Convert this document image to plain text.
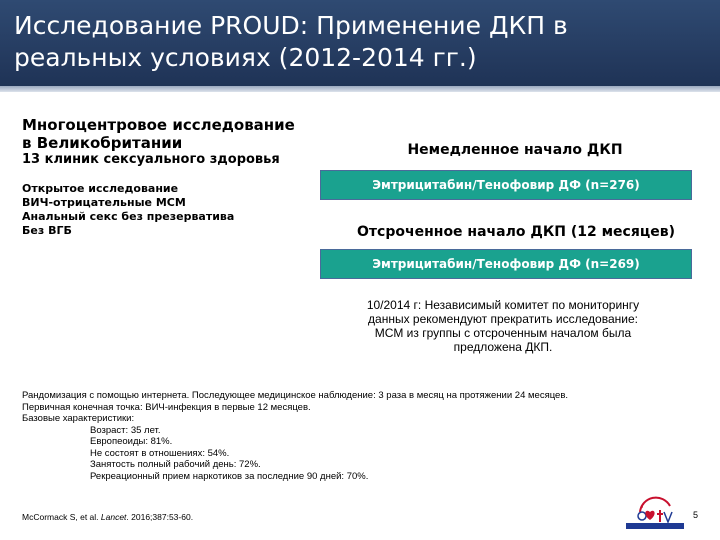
Исследование PROUD: Применение ДКП в
реальных условиях (2012-2014 гг.)
Многоцентровое исследование
в Великобритании
13 клиник сексуального здоровья
Открытое исследование
ВИЧ-отрицательные МСМ
Анальный секс без презерватива
Без ВГБ
Немедленное начало ДКП
Эмтрицитабин/Тенофовир ДФ (n=276)
Отсроченное начало ДКП (12 месяцев)
Эмтрицитабин/Тенофовир ДФ (n=269)
10/2014 г: Независимый комитет по мониторингу
данных рекомендуют прекратить исследование:
МСМ из группы с отсроченным началом была
предложена ДКП.
Рандомизация с помощью интернета. Последующее медицинское наблюдение: 3 раза в месяц на протяжении 24 месяцев.
Первичная конечная точка: ВИЧ-инфекция в первые 12 месяцев.
Базовые характеристики:
Возраст: 35 лет.
Европеоиды: 81%.
Не состоят в отношениях: 54%.
Занятость полный рабочий день: 72%.
Рекреационный прием наркотиков за последние 90 дней: 70%.
McCormack S, et al. Lancet. 2016;387:53-60.	5
